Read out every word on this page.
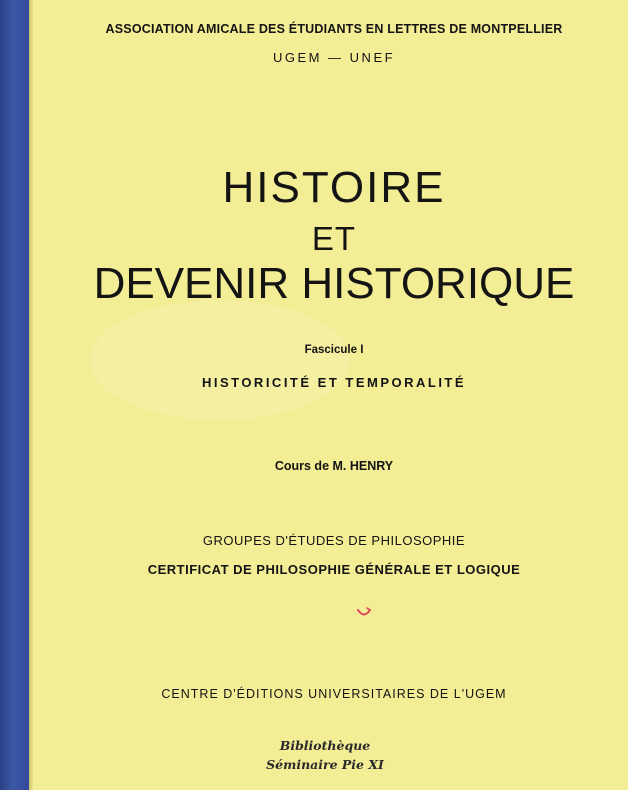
ASSOCIATION AMICALE DES ÉTUDIANTS EN LETTRES DE MONTPELLIER
UGEM — UNEF
HISTOIRE
ET
DEVENIR HISTORIQUE
Fascicule I
HISTORICITÉ ET TEMPORALITÉ
Cours de M. HENRY
GROUPES D'ÉTUDES DE PHILOSOPHIE
CERTIFICAT DE PHILOSOPHIE GÉNÉRALE ET LOGIQUE
CENTRE D'ÉDITIONS UNIVERSITAIRES DE L'UGEM
Bibliothèque
Séminaire Pie XI
